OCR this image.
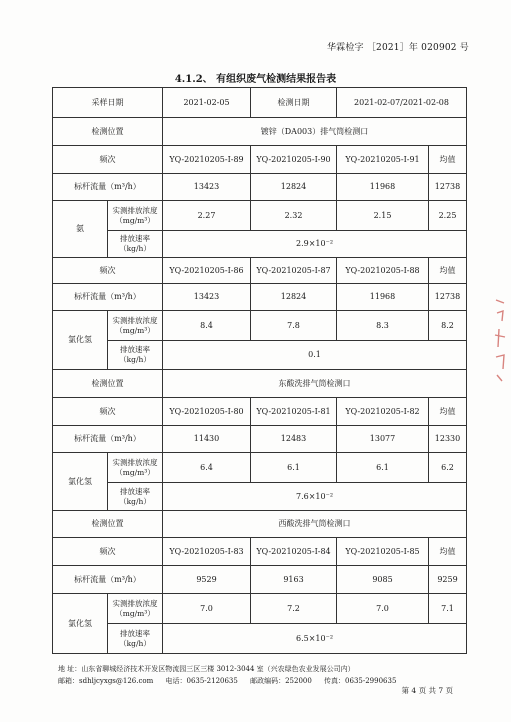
华霖检字 ［2021］年 020902 号
4.1.2、 有组织废气检测结果报告表
采样日期		2021-02-05	检测日期	2021-02-07/2021-02-08	
检测位置		镀锌（DA003）排气筒检测口			
频次		YQ-20210205-I-89	YQ-20210205-I-90	YQ-20210205-I-91	均值
标杆流量（m³/h）		13423	12824	11968	12738
氨	实测排放浓度（mg/m³）	2.27	2.32	2.15	2.25
	排放速率（kg/h）	2.9×10⁻²			
频次		YQ-20210205-I-86	YQ-20210205-I-87	YQ-20210205-I-88	均值
标杆流量（m³/h）		13423	12824	11968	12738
氯化氢	实测排放浓度（mg/m³）	8.4	7.8	8.3	8.2
	排放速率（kg/h）	0.1			
检测位置		东酸洗排气筒检测口			
频次		YQ-20210205-I-80	YQ-20210205-I-81	YQ-20210205-I-82	均值
标杆流量（m³/h）		11430	12483	13077	12330
氯化氢	实测排放浓度（mg/m³）	6.4	6.1	6.1	6.2
	排放速率（kg/h）	7.6×10⁻²			
检测位置		西酸洗排气筒检测口			
频次		YQ-20210205-I-83	YQ-20210205-I-84	YQ-20210205-I-85	均值
标杆流量（m³/h）		9529	9163	9085	9259
氯化氢	实测排放浓度（mg/m³）	7.0	7.2	7.0	7.1
	排放速率（kg/h）	6.5×10⁻²			
地 址：山东省聊城经济技术开发区物流园三区三楼 3012-3044 室（兴农绿色农业发展公司内）
邮箱：sdhljcyxgs@126.com 电话：0635-2120635 邮政编码：252000 传真：0635-2990635
第 4 页 共 7 页
